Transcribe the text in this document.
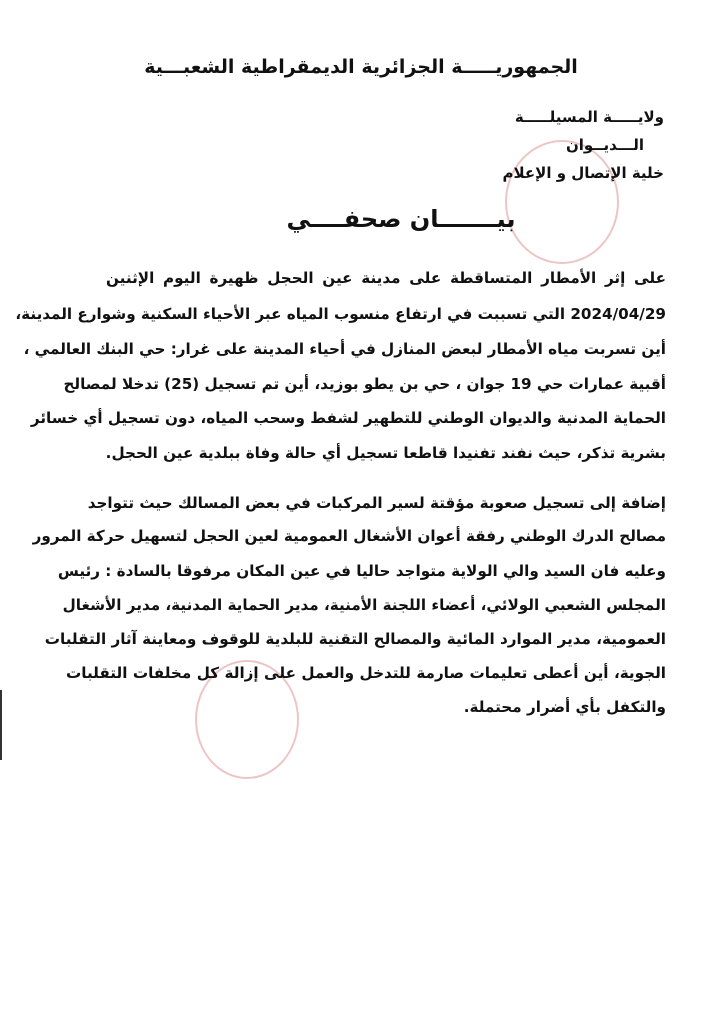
الجمهوريـــــة الجزائرية الديمقراطية الشعبـــية
ولايـــــة المسيلـــــة
الـــديــوان
خلية الإتصال و الإعلام
بيـــــــان صحفــــي
على إثر الأمطار المتساقطة على مدينة عين الحجل ظهيرة اليوم الإثنين
2024/04/29 التي تسببت في ارتفاع منسوب المياه عبر الأحياء السكنية وشوارع المدينة،
أين تسربت مياه الأمطار لبعض المنازل في أحياء المدينة على غرار: حي البنك العالمي ،
أقبية عمارات حي 19 جوان ، حي بن يطو بوزيد، أين تم تسجيل (25) تدخلا لمصالح
الحماية المدنية والديوان الوطني للتطهير لشفط وسحب المياه، دون تسجيل أي خسائر
بشرية تذكر، حيث نفند تفنيدا قاطعا تسجيل أي حالة وفاة ببلدية عين الحجل.
إضافة إلى تسجيل صعوبة مؤقتة لسير المركبات في بعض المسالك حيث تتواجد
مصالح الدرك الوطني رفقة أعوان الأشغال العمومية لعين الحجل لتسهيل حركة المرور
وعليه فان السيد والي الولاية متواجد حاليا في عين المكان مرفوقا بالسادة : رئيس
المجلس الشعبي الولائي، أعضاء اللجنة الأمنية، مدير الحماية المدنية، مدير الأشغال
العمومية، مدير الموارد المائية والمصالح التقنية للبلدية للوقوف ومعاينة آثار التقلبات
الجوية، أين أعطى تعليمات صارمة للتدخل والعمل على إزالة كل مخلفات التقلبات
والتكفل بأي أضرار محتملة.
